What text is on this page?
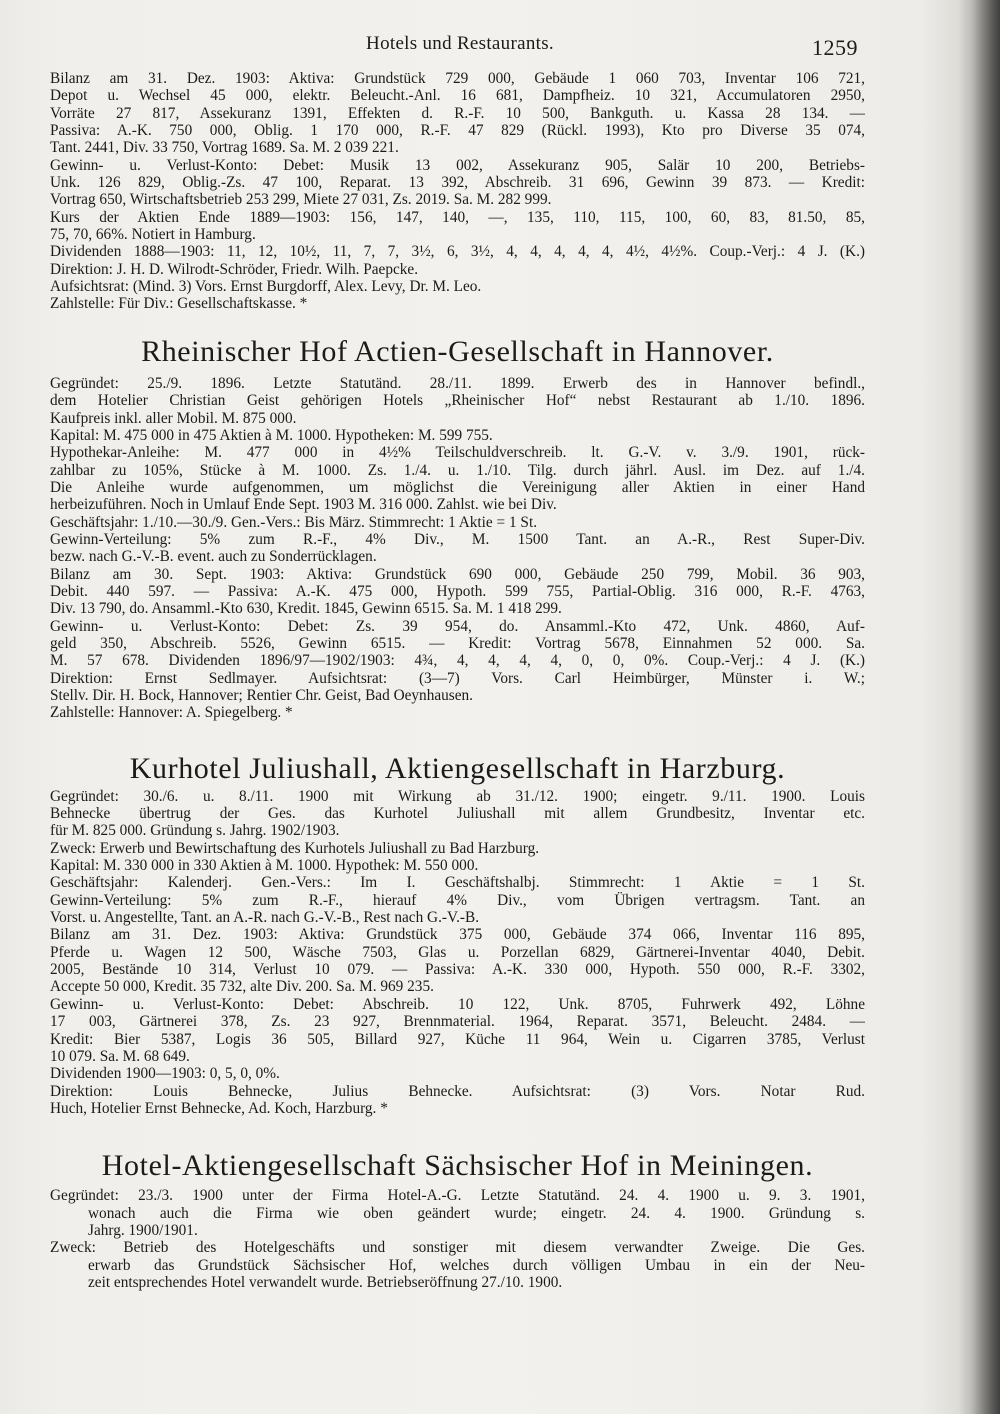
Hotels und Restaurants.	1259
Bilanz am 31. Dez. 1903: Aktiva: Grundstück 729 000, Gebäude 1 060 703, Inventar 106 721,
Depot u. Wechsel 45 000, elektr. Beleucht.-Anl. 16 681, Dampfheiz. 10 321, Accumulatoren 2950,
Vorräte 27 817, Assekuranz 1391, Effekten d. R.-F. 10 500, Bankguth. u. Kassa 28 134. —
Passiva: A.-K. 750 000, Oblig. 1 170 000, R.-F. 47 829 (Rückl. 1993), Kto pro Diverse 35 074,
Tant. 2441, Div. 33 750, Vortrag 1689. Sa. M. 2 039 221.
Gewinn- u. Verlust-Konto: Debet: Musik 13 002, Assekuranz 905, Salär 10 200, Betriebs-
Unk. 126 829, Oblig.-Zs. 47 100, Reparat. 13 392, Abschreib. 31 696, Gewinn 39 873. — Kredit:
Vortrag 650, Wirtschaftsbetrieb 253 299, Miete 27 031, Zs. 2019. Sa. M. 282 999.
Kurs der Aktien Ende 1889—1903: 156, 147, 140, —, 135, 110, 115, 100, 60, 83, 81.50, 85,
75, 70, 66%. Notiert in Hamburg.
Dividenden 1888—1903: 11, 12, 10½, 11, 7, 7, 3½, 6, 3½, 4, 4, 4, 4, 4, 4½, 4½%. Coup.-Verj.: 4 J. (K.)
Direktion: J. H. D. Wilrodt-Schröder, Friedr. Wilh. Paepcke.
Aufsichtsrat: (Mind. 3) Vors. Ernst Burgdorff, Alex. Levy, Dr. M. Leo.
Zahlstelle: Für Div.: Gesellschaftskasse. *
Rheinischer Hof Actien-Gesellschaft in Hannover.
Gegründet: 25./9. 1896. Letzte Statutänd. 28./11. 1899. Erwerb des in Hannover befindl.,
dem Hotelier Christian Geist gehörigen Hotels „Rheinischer Hof“ nebst Restaurant ab 1./10. 1896.
Kaufpreis inkl. aller Mobil. M. 875 000.
Kapital: M. 475 000 in 475 Aktien à M. 1000. Hypotheken: M. 599 755.
Hypothekar-Anleihe: M. 477 000 in 4½% Teilschuldverschreib. lt. G.-V. v. 3./9. 1901, rück-
zahlbar zu 105%, Stücke à M. 1000. Zs. 1./4. u. 1./10. Tilg. durch jährl. Ausl. im Dez. auf 1./4.
Die Anleihe wurde aufgenommen, um möglichst die Vereinigung aller Aktien in einer Hand
herbeizuführen. Noch in Umlauf Ende Sept. 1903 M. 316 000. Zahlst. wie bei Div.
Geschäftsjahr: 1./10.—30./9. Gen.-Vers.: Bis März. Stimmrecht: 1 Aktie = 1 St.
Gewinn-Verteilung: 5% zum R.-F., 4% Div., M. 1500 Tant. an A.-R., Rest Super-Div.
bezw. nach G.-V.-B. event. auch zu Sonderrücklagen.
Bilanz am 30. Sept. 1903: Aktiva: Grundstück 690 000, Gebäude 250 799, Mobil. 36 903,
Debit. 440 597. — Passiva: A.-K. 475 000, Hypoth. 599 755, Partial-Oblig. 316 000, R.-F. 4763,
Div. 13 790, do. Ansamml.-Kto 630, Kredit. 1845, Gewinn 6515. Sa. M. 1 418 299.
Gewinn- u. Verlust-Konto: Debet: Zs. 39 954, do. Ansamml.-Kto 472, Unk. 4860, Auf-
geld 350, Abschreib. 5526, Gewinn 6515. — Kredit: Vortrag 5678, Einnahmen 52 000. Sa.
M. 57 678. Dividenden 1896/97—1902/1903: 4¾, 4, 4, 4, 4, 0, 0, 0%. Coup.-Verj.: 4 J. (K.)
Direktion: Ernst Sedlmayer. Aufsichtsrat: (3—7) Vors. Carl Heimbürger, Münster i. W.;
Stellv. Dir. H. Bock, Hannover; Rentier Chr. Geist, Bad Oeynhausen.
Zahlstelle: Hannover: A. Spiegelberg. *
Kurhotel Juliushall, Aktiengesellschaft in Harzburg.
Gegründet: 30./6. u. 8./11. 1900 mit Wirkung ab 31./12. 1900; eingetr. 9./11. 1900. Louis
Behnecke übertrug der Ges. das Kurhotel Juliushall mit allem Grundbesitz, Inventar etc.
für M. 825 000. Gründung s. Jahrg. 1902/1903.
Zweck: Erwerb und Bewirtschaftung des Kurhotels Juliushall zu Bad Harzburg.
Kapital: M. 330 000 in 330 Aktien à M. 1000. Hypothek: M. 550 000.
Geschäftsjahr: Kalenderj. Gen.-Vers.: Im I. Geschäftshalbj. Stimmrecht: 1 Aktie = 1 St.
Gewinn-Verteilung: 5% zum R.-F., hierauf 4% Div., vom Übrigen vertragsm. Tant. an
Vorst. u. Angestellte, Tant. an A.-R. nach G.-V.-B., Rest nach G.-V.-B.
Bilanz am 31. Dez. 1903: Aktiva: Grundstück 375 000, Gebäude 374 066, Inventar 116 895,
Pferde u. Wagen 12 500, Wäsche 7503, Glas u. Porzellan 6829, Gärtnerei-Inventar 4040, Debit.
2005, Bestände 10 314, Verlust 10 079. — Passiva: A.-K. 330 000, Hypoth. 550 000, R.-F. 3302,
Accepte 50 000, Kredit. 35 732, alte Div. 200. Sa. M. 969 235.
Gewinn- u. Verlust-Konto: Debet: Abschreib. 10 122, Unk. 8705, Fuhrwerk 492, Löhne
17 003, Gärtnerei 378, Zs. 23 927, Brennmaterial. 1964, Reparat. 3571, Beleucht. 2484. —
Kredit: Bier 5387, Logis 36 505, Billard 927, Küche 11 964, Wein u. Cigarren 3785, Verlust
10 079. Sa. M. 68 649.
Dividenden 1900—1903: 0, 5, 0, 0%.
Direktion: Louis Behnecke, Julius Behnecke. Aufsichtsrat: (3) Vors. Notar Rud.
Huch, Hotelier Ernst Behnecke, Ad. Koch, Harzburg. *
Hotel-Aktiengesellschaft Sächsischer Hof in Meiningen.
Gegründet: 23./3. 1900 unter der Firma Hotel-A.-G. Letzte Statutänd. 24. 4. 1900 u. 9. 3. 1901,
wonach auch die Firma wie oben geändert wurde; eingetr. 24. 4. 1900. Gründung s.
Jahrg. 1900/1901.
Zweck: Betrieb des Hotelgeschäfts und sonstiger mit diesem verwandter Zweige. Die Ges.
erwarb das Grundstück Sächsischer Hof, welches durch völligen Umbau in ein der Neu-
zeit entsprechendes Hotel verwandelt wurde. Betriebseröffnung 27./10. 1900.
